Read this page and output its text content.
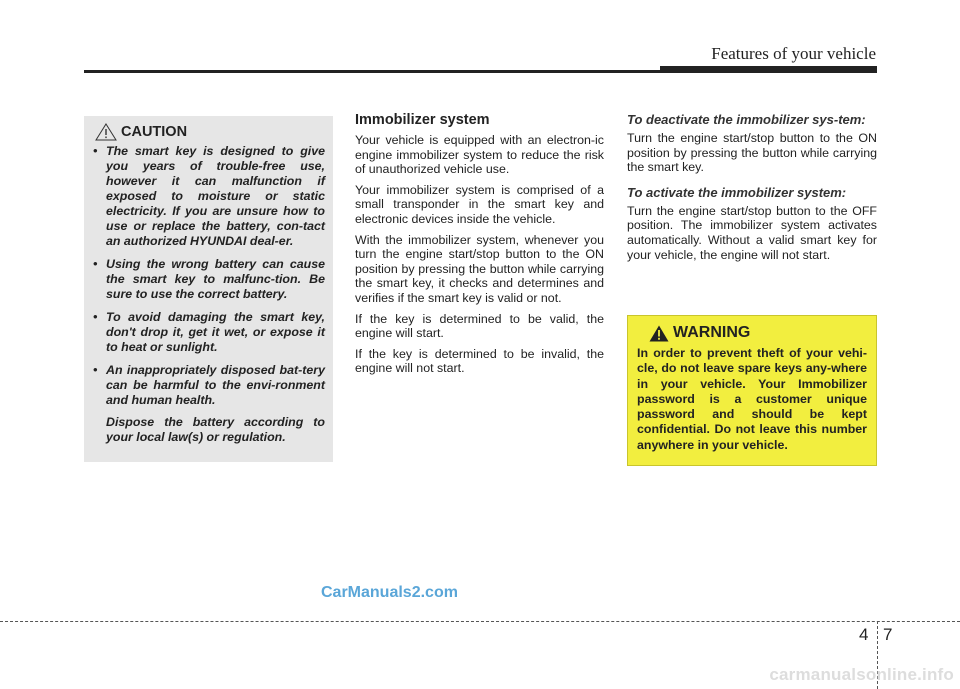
Features of your vehicle
CAUTION
• The smart key is designed to give you years of trouble-free use, however it can malfunction if exposed to moisture or static electricity. If you are unsure how to use or replace the battery, con-tact an authorized HYUNDAI deal-er.
• Using the wrong battery can cause the smart key to malfunc-tion. Be sure to use the correct battery.
• To avoid damaging the smart key, don't drop it, get it wet, or expose it to heat or sunlight.
• An inappropriately disposed bat-tery can be harmful to the envi-ronment and human health.
Dispose the battery according to your local law(s) or regulation.
Immobilizer system

Your vehicle is equipped with an electron-ic engine immobilizer system to reduce the risk of unauthorized vehicle use.

Your immobilizer system is comprised of a small transponder in the smart key and electronic devices inside the vehicle.

With the immobilizer system, whenever you turn the engine start/stop button to the ON position by pressing the button while carrying the smart key, it checks and determines and verifies if the smart key is valid or not.

If the key is determined to be valid, the engine will start.

If the key is determined to be invalid, the engine will not start.

To deactivate the immobilizer sys-tem:

Turn the engine start/stop button to the ON position by pressing the button while carrying the smart key.

To activate the immobilizer system:

Turn the engine start/stop button to the OFF position. The immobilizer system activates automatically. Without a valid smart key for your vehicle, the engine will not start.

WARNING

In order to prevent theft of your vehi-cle, do not leave spare keys any-where in your vehicle. Your Immobilizer password is a customer unique password and should be kept confidential. Do not leave this number anywhere in your vehicle.

CarManuals2.com
4 7
carmanualsonline.info
